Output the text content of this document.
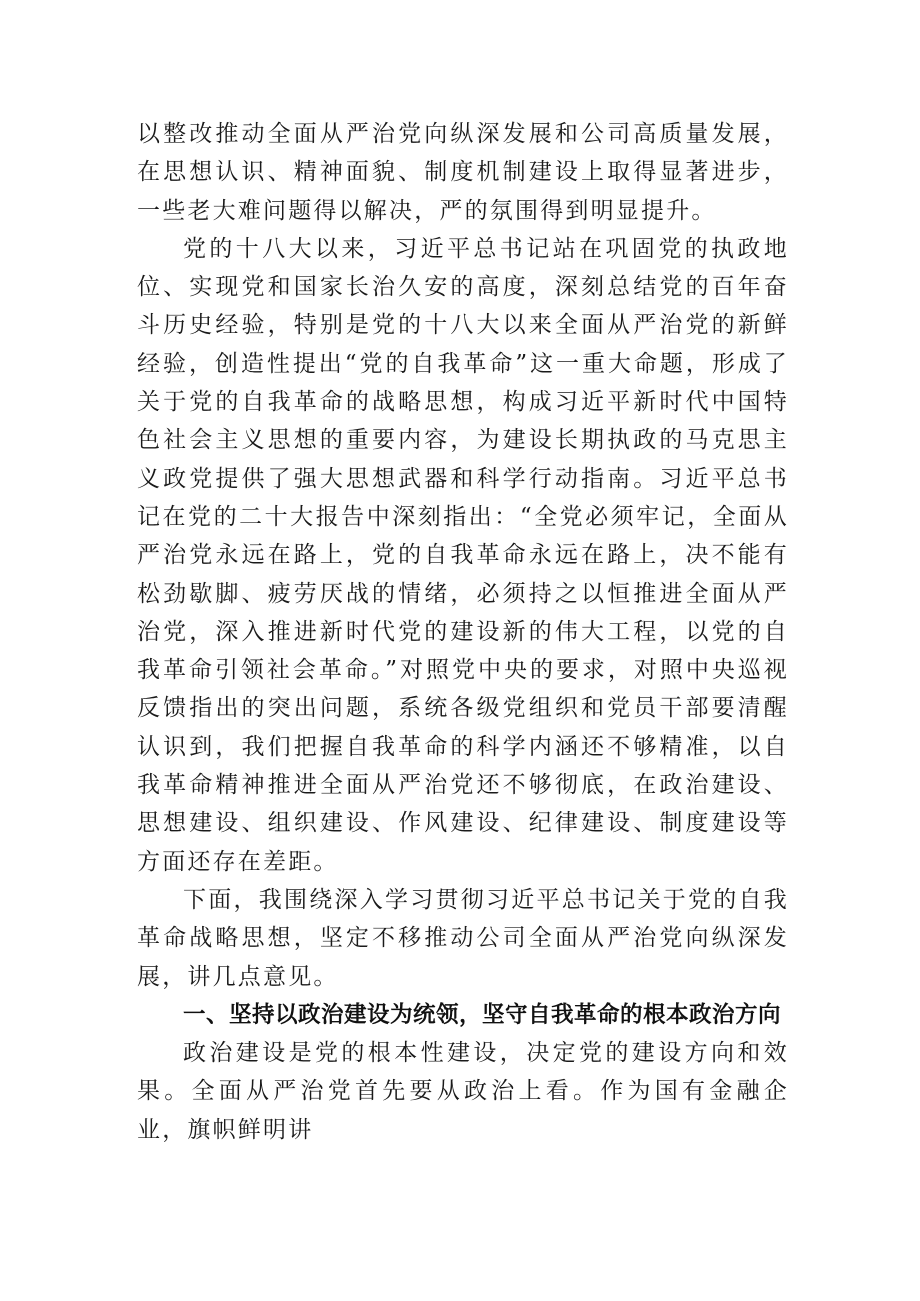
以整改推动全面从严治党向纵深发展和公司高质量发展，在思想认识、精神面貌、制度机制建设上取得显著进步，一些老大难问题得以解决，严的氛围得到明显提升。

党的十八大以来，习近平总书记站在巩固党的执政地位、实现党和国家长治久安的高度，深刻总结党的百年奋斗历史经验，特别是党的十八大以来全面从严治党的新鲜经验，创造性提出“党的自我革命”这一重大命题，形成了关于党的自我革命的战略思想，构成习近平新时代中国特色社会主义思想的重要内容，为建设长期执政的马克思主义政党提供了强大思想武器和科学行动指南。习近平总书记在党的二十大报告中深刻指出：“全党必须牢记，全面从严治党永远在路上，党的自我革命永远在路上，决不能有松劲歇脚、疲劳厌战的情绪，必须持之以恒推进全面从严治党，深入推进新时代党的建设新的伟大工程，以党的自我革命引领社会革命。”对照党中央的要求，对照中央巡视反馈指出的突出问题，系统各级党组织和党员干部要清醒认识到，我们把握自我革命的科学内涵还不够精准，以自我革命精神推进全面从严治党还不够彻底，在政治建设、思想建设、组织建设、作风建设、纪律建设、制度建设等方面还存在差距。

下面，我围绕深入学习贯彻习近平总书记关于党的自我革命战略思想，坚定不移推动公司全面从严治党向纵深发展，讲几点意见。

一、坚持以政治建设为统领，坚守自我革命的根本政治方向

政治建设是党的根本性建设，决定党的建设方向和效果。全面从严治党首先要从政治上看。作为国有金融企业，旗帜鲜明讲
